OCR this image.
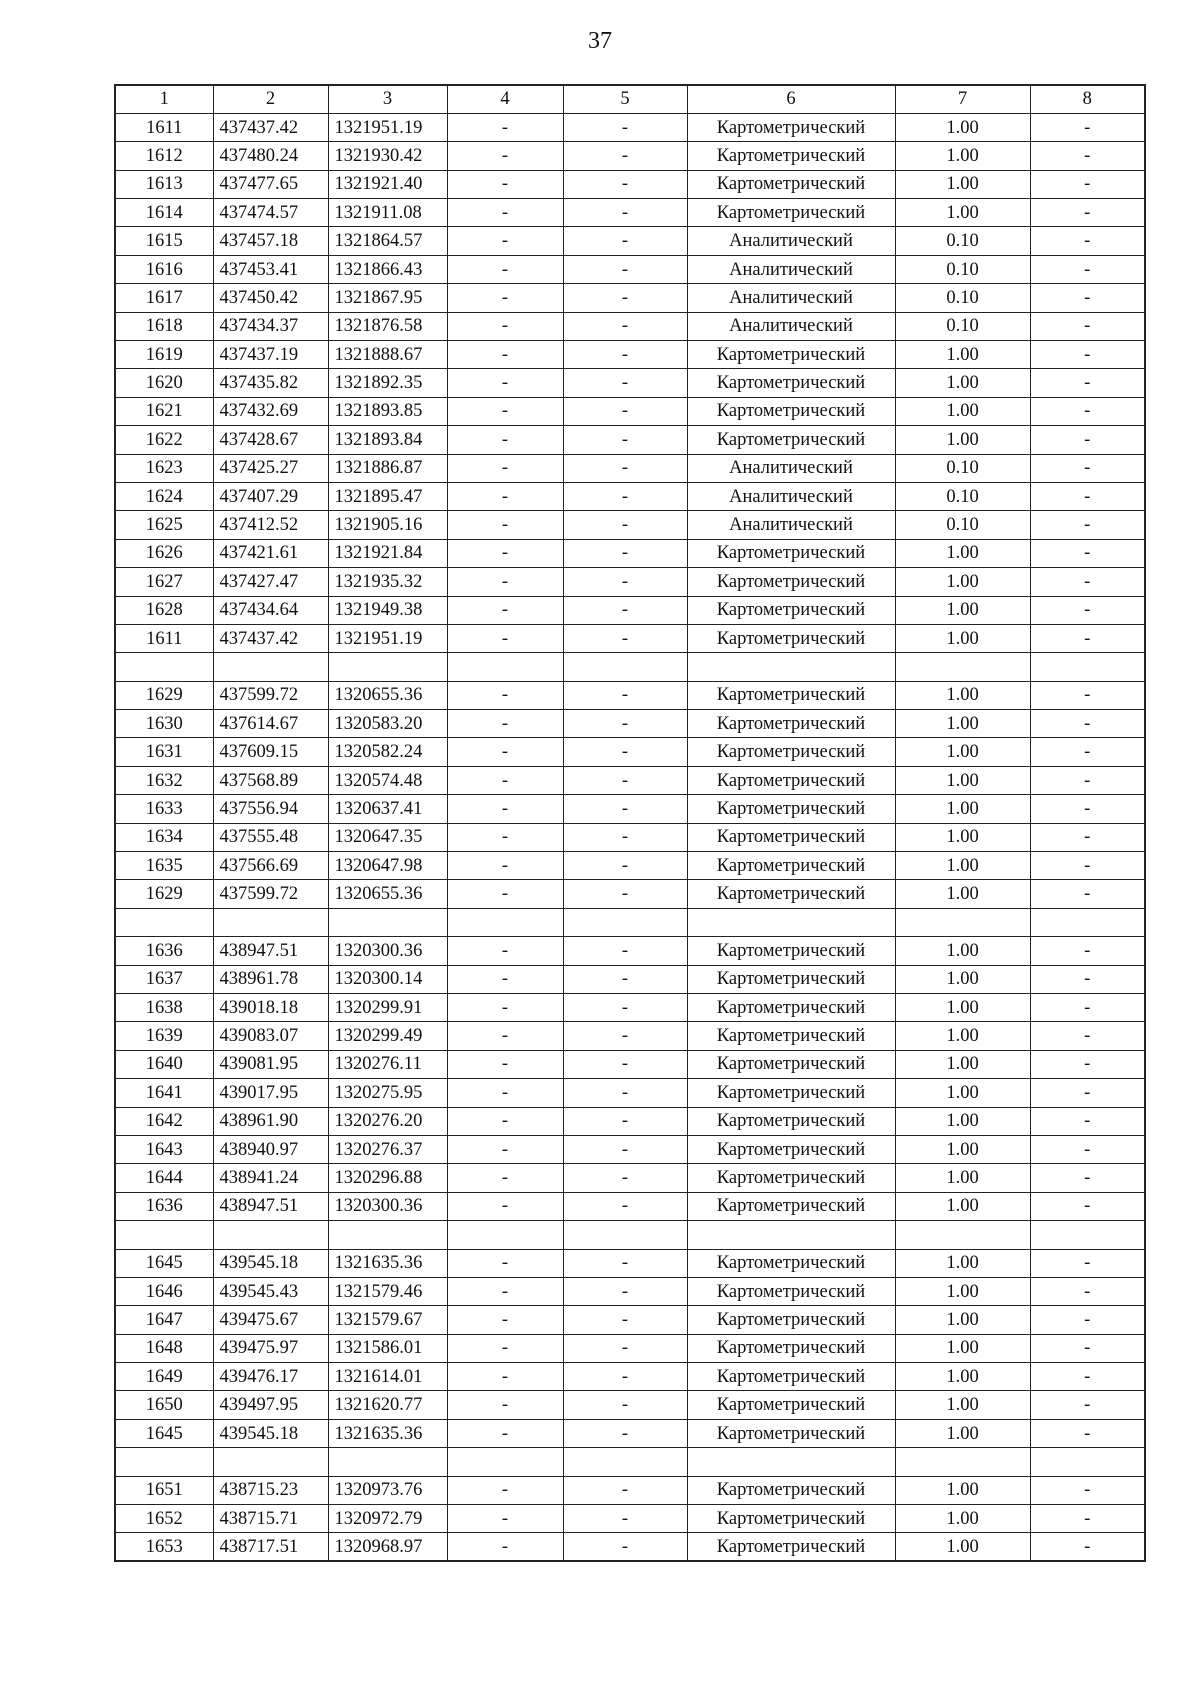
37
1	2	3	4	5	6	7	8
1611	437437.42	1321951.19	-	-	Картометрический	1.00	-
1612	437480.24	1321930.42	-	-	Картометрический	1.00	-
1613	437477.65	1321921.40	-	-	Картометрический	1.00	-
1614	437474.57	1321911.08	-	-	Картометрический	1.00	-
1615	437457.18	1321864.57	-	-	Аналитический	0.10	-
1616	437453.41	1321866.43	-	-	Аналитический	0.10	-
1617	437450.42	1321867.95	-	-	Аналитический	0.10	-
1618	437434.37	1321876.58	-	-	Аналитический	0.10	-
1619	437437.19	1321888.67	-	-	Картометрический	1.00	-
1620	437435.82	1321892.35	-	-	Картометрический	1.00	-
1621	437432.69	1321893.85	-	-	Картометрический	1.00	-
1622	437428.67	1321893.84	-	-	Картометрический	1.00	-
1623	437425.27	1321886.87	-	-	Аналитический	0.10	-
1624	437407.29	1321895.47	-	-	Аналитический	0.10	-
1625	437412.52	1321905.16	-	-	Аналитический	0.10	-
1626	437421.61	1321921.84	-	-	Картометрический	1.00	-
1627	437427.47	1321935.32	-	-	Картометрический	1.00	-
1628	437434.64	1321949.38	-	-	Картометрический	1.00	-
1611	437437.42	1321951.19	-	-	Картометрический	1.00	-

1629	437599.72	1320655.36	-	-	Картометрический	1.00	-
1630	437614.67	1320583.20	-	-	Картометрический	1.00	-
1631	437609.15	1320582.24	-	-	Картометрический	1.00	-
1632	437568.89	1320574.48	-	-	Картометрический	1.00	-
1633	437556.94	1320637.41	-	-	Картометрический	1.00	-
1634	437555.48	1320647.35	-	-	Картометрический	1.00	-
1635	437566.69	1320647.98	-	-	Картометрический	1.00	-
1629	437599.72	1320655.36	-	-	Картометрический	1.00	-

1636	438947.51	1320300.36	-	-	Картометрический	1.00	-
1637	438961.78	1320300.14	-	-	Картометрический	1.00	-
1638	439018.18	1320299.91	-	-	Картометрический	1.00	-
1639	439083.07	1320299.49	-	-	Картометрический	1.00	-
1640	439081.95	1320276.11	-	-	Картометрический	1.00	-
1641	439017.95	1320275.95	-	-	Картометрический	1.00	-
1642	438961.90	1320276.20	-	-	Картометрический	1.00	-
1643	438940.97	1320276.37	-	-	Картометрический	1.00	-
1644	438941.24	1320296.88	-	-	Картометрический	1.00	-
1636	438947.51	1320300.36	-	-	Картометрический	1.00	-

1645	439545.18	1321635.36	-	-	Картометрический	1.00	-
1646	439545.43	1321579.46	-	-	Картометрический	1.00	-
1647	439475.67	1321579.67	-	-	Картометрический	1.00	-
1648	439475.97	1321586.01	-	-	Картометрический	1.00	-
1649	439476.17	1321614.01	-	-	Картометрический	1.00	-
1650	439497.95	1321620.77	-	-	Картометрический	1.00	-
1645	439545.18	1321635.36	-	-	Картометрический	1.00	-

1651	438715.23	1320973.76	-	-	Картометрический	1.00	-
1652	438715.71	1320972.79	-	-	Картометрический	1.00	-
1653	438717.51	1320968.97	-	-	Картометрический	1.00	-
